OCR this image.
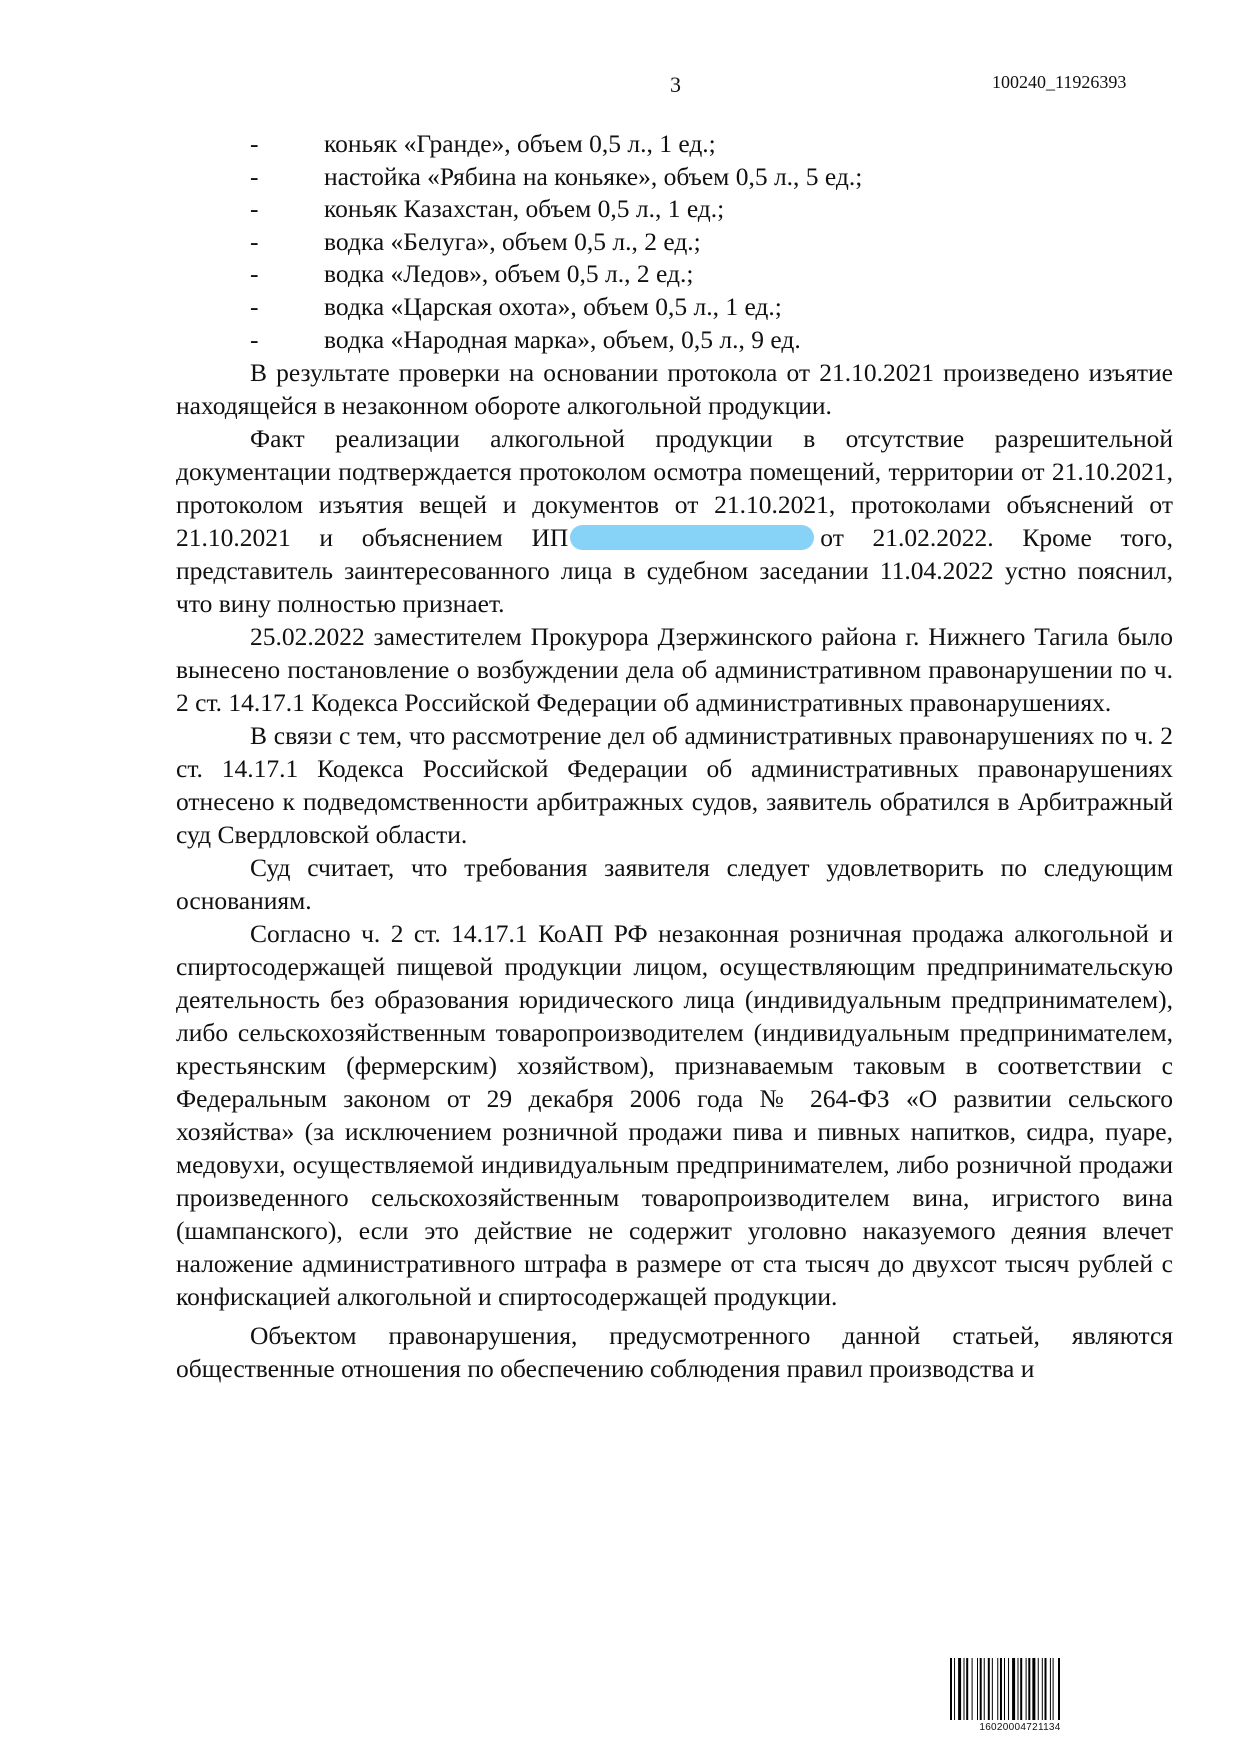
3	100240_11926393
-	коньяк «Гранде», объем 0,5 л., 1 ед.;
-	настойка «Рябина на коньяке», объем 0,5 л., 5 ед.;
-	коньяк Казахстан, объем 0,5 л., 1 ед.;
-	водка «Белуга», объем 0,5 л., 2 ед.;
-	водка «Ледов», объем 0,5 л., 2 ед.;
-	водка «Царская охота», объем 0,5 л., 1 ед.;
-	водка «Народная марка», объем, 0,5 л., 9 ед.

В результате проверки на основании протокола от 21.10.2021 произведено изъятие находящейся в незаконном обороте алкогольной продукции.

Факт реализации алкогольной продукции в отсутствие разрешительной документации подтверждается протоколом осмотра помещений, территории от 21.10.2021, протоколом изъятия вещей и документов от 21.10.2021, протоколами объяснений от 21.10.2021 и объяснением ИП	от 21.02.2022. Кроме того, представитель заинтересованного лица в судебном заседании 11.04.2022 устно пояснил, что вину полностью признает.

25.02.2022 заместителем Прокурора Дзержинского района г. Нижнего Тагила было вынесено постановление о возбуждении дела об административном правонарушении по ч. 2 ст. 14.17.1 Кодекса Российской Федерации об административных правонарушениях.

В связи с тем, что рассмотрение дел об административных правонарушениях по ч. 2 ст. 14.17.1 Кодекса Российской Федерации об административных правонарушениях отнесено к подведомственности арбитражных судов, заявитель обратился в Арбитражный суд Свердловской области.

Суд считает, что требования заявителя следует удовлетворить по следующим основаниям.

Согласно ч. 2 ст. 14.17.1 КоАП РФ незаконная розничная продажа алкогольной и спиртосодержащей пищевой продукции лицом, осуществляющим предпринимательскую деятельность без образования юридического лица (индивидуальным предпринимателем), либо сельскохозяйственным товаропроизводителем (индивидуальным предпринимателем, крестьянским (фермерским) хозяйством), признаваемым таковым в соответствии с Федеральным законом от 29 декабря 2006 года № 264-ФЗ «О развитии сельского хозяйства» (за исключением розничной продажи пива и пивных напитков, сидра, пуаре, медовухи, осуществляемой индивидуальным предпринимателем, либо розничной продажи произведенного сельскохозяйственным товаропроизводителем вина, игристого вина (шампанского), если это действие не содержит уголовно наказуемого деяния влечет наложение административного штрафа в размере от ста тысяч до двухсот тысяч рублей с конфискацией алкогольной и спиртосодержащей продукции.

Объектом правонарушения, предусмотренного данной статьей, являются общественные отношения по обеспечению соблюдения правил производства и

16020004721134
